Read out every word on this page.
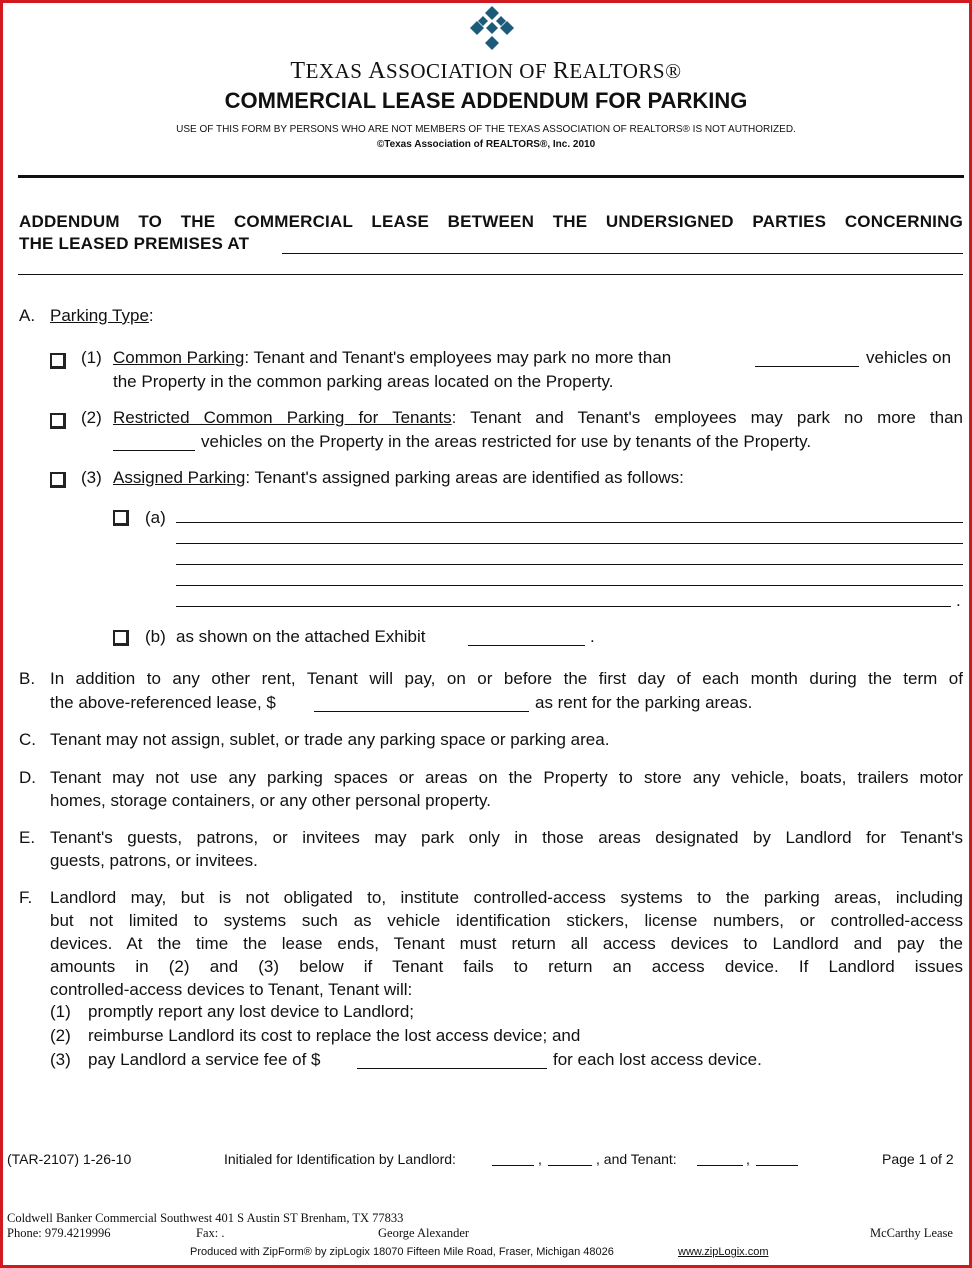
TEXAS ASSOCIATION OF REALTORS®
COMMERCIAL LEASE ADDENDUM FOR PARKING
USE OF THIS FORM BY PERSONS WHO ARE NOT MEMBERS OF THE TEXAS ASSOCIATION OF REALTORS® IS NOT AUTHORIZED.
©Texas Association of REALTORS®, Inc. 2010
ADDENDUM TO THE COMMERCIAL LEASE BETWEEN THE UNDERSIGNED PARTIES CONCERNING
THE LEASED PREMISES AT
A. Parking Type:
(1) Common Parking: Tenant and Tenant's employees may park no more than	vehicles on
the Property in the common parking areas located on the Property.
(2) Restricted Common Parking for Tenants: Tenant and Tenant's employees may park no more than
vehicles on the Property in the areas restricted for use by tenants of the Property.
(3) Assigned Parking: Tenant's assigned parking areas are identified as follows:
(a)
.
(b) as shown on the attached Exhibit	.
B. In addition to any other rent, Tenant will pay, on or before the first day of each month during the term of
the above-referenced lease, $	as rent for the parking areas.
C. Tenant may not assign, sublet, or trade any parking space or parking area.
D. Tenant may not use any parking spaces or areas on the Property to store any vehicle, boats, trailers motor
homes, storage containers, or any other personal property.
E. Tenant's guests, patrons, or invitees may park only in those areas designated by Landlord for Tenant's
guests, patrons, or invitees.
F. Landlord may, but is not obligated to, institute controlled-access systems to the parking areas, including
but not limited to systems such as vehicle identification stickers, license numbers, or controlled-access
devices. At the time the lease ends, Tenant must return all access devices to Landlord and pay the
amounts in (2) and (3) below if Tenant fails to return an access device. If Landlord issues
controlled-access devices to Tenant, Tenant will:
(1) promptly report any lost device to Landlord;
(2) reimburse Landlord its cost to replace the lost access device; and
(3) pay Landlord a service fee of $	for each lost access device.
(TAR-2107) 1-26-10	Initialed for Identification by Landlord:	,	, and Tenant:	,	Page 1 of 2
Coldwell Banker Commercial Southwest 401 S Austin ST Brenham, TX 77833
Phone: 979.4219996	Fax: .	George Alexander	McCarthy Lease
Produced with ZipForm® by zipLogix 18070 Fifteen Mile Road, Fraser, Michigan 48026	www.zipLogix.com
